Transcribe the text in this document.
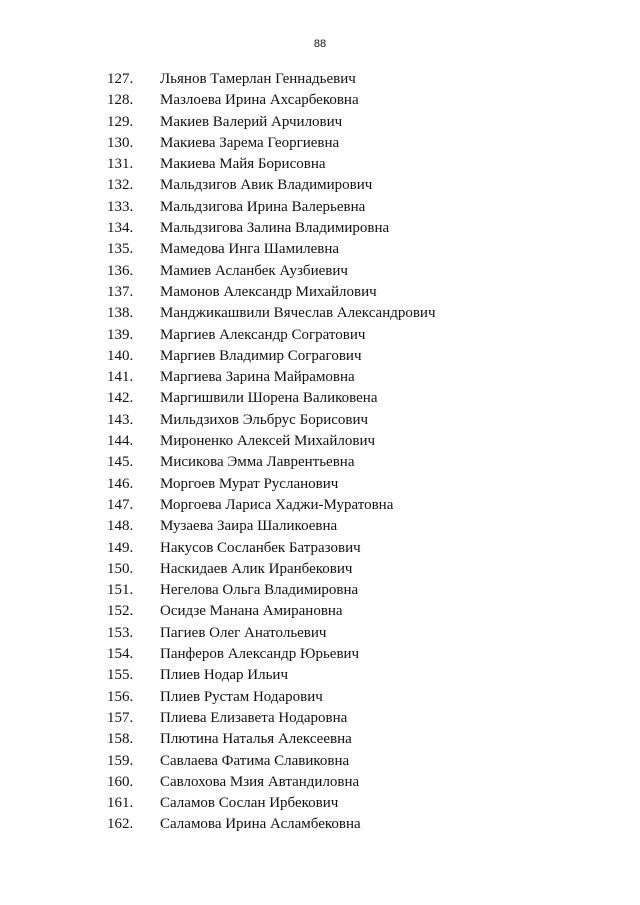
88
127. Льянов Тамерлан Геннадьевич
128. Мазлоева Ирина Ахсарбековна
129. Макиев Валерий Арчилович
130. Макиева Зарема Георгиевна
131. Макиева Майя Борисовна
132. Мальдзигов Авик Владимирович
133. Мальдзигова Ирина Валерьевна
134. Мальдзигова Залина Владимировна
135. Мамедова Инга Шамилевна
136. Мамиев Асланбек Аузбиевич
137. Мамонов Александр Михайлович
138. Манджикашвили Вячеслав Александрович
139. Маргиев Александр Согратович
140. Маргиев Владимир Сограгович
141. Маргиева Зарина Майрамовна
142. Маргишвили Шорена Валиковена
143. Мильдзихов Эльбрус Борисович
144. Мироненко Алексей Михайлович
145. Мисикова Эмма Лаврентьевна
146. Моргоев Мурат Русланович
147. Моргоева Лариса Хаджи-Муратовна
148. Музаева Заира Шаликоевна
149. Накусов Сосланбек Батразович
150. Наскидаев Алик Иранбекович
151. Негелова Ольга Владимировна
152. Осидзе Манана Амирановна
153. Пагиев Олег Анатольевич
154. Панферов Александр Юрьевич
155. Плиев Нодар Ильич
156. Плиев Рустам Нодарович
157. Плиева Елизавета Нодаровна
158. Плютина Наталья Алексеевна
159. Савлаева Фатима Славиковна
160. Савлохова Мзия Автандиловна
161. Саламов Сослан Ирбекович
162. Саламова Ирина Асламбековна
